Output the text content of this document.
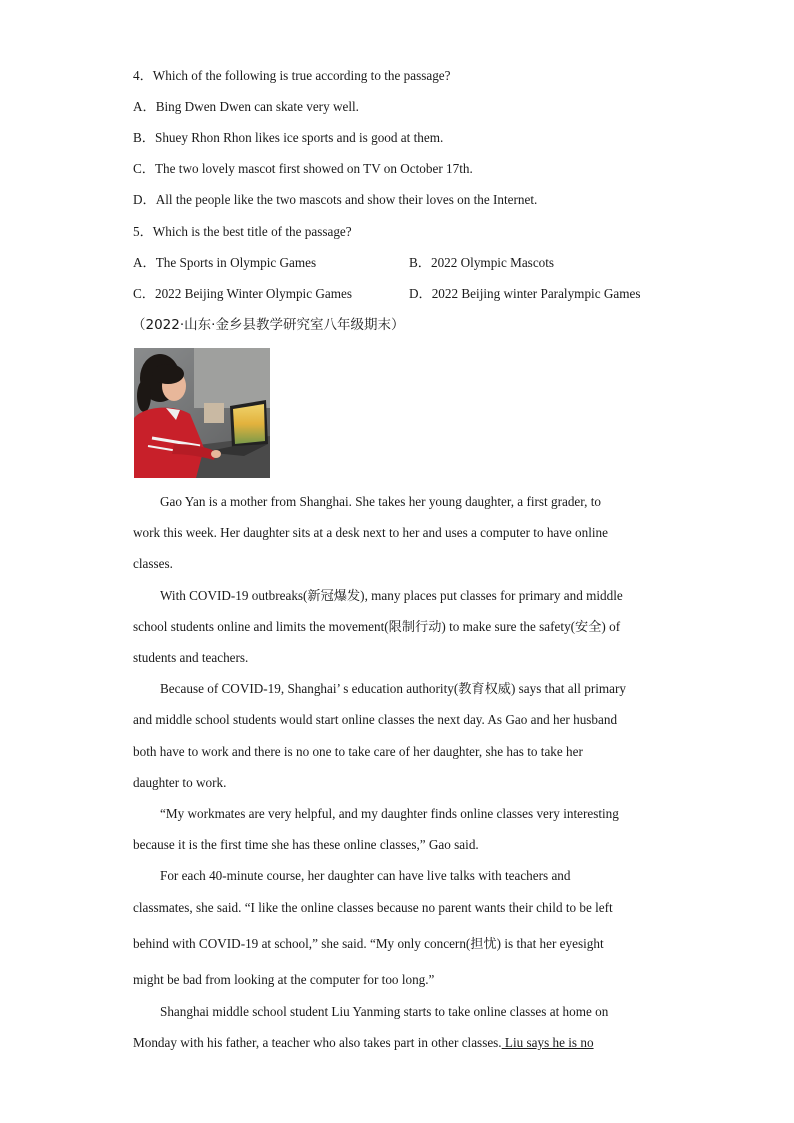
4．Which of the following is true according to the passage?
A．Bing Dwen Dwen can skate very well.
B．Shuey Rhon Rhon likes ice sports and is good at them.
C．The two lovely mascot first showed on TV on October 17th.
D．All the people like the two mascots and show their loves on the Internet.
5．Which is the best title of the passage?
A．The Sports in Olympic Games	B．2022 Olympic Mascots
C．2022 Beijing Winter Olympic Games	D．2022 Beijing winter Paralympic Games
（2022·山东·金乡县教学研究室八年级期末）
Gao Yan is a mother from Shanghai. She takes her young daughter, a first grader, to
work this week. Her daughter sits at a desk next to her and uses a computer to have online
classes.
With COVID-19 outbreaks(新冠爆发), many places put classes for primary and middle
school students online and limits the movement(限制行动) to make sure the safety(安全) of
students and teachers.
Because of COVID-19, Shanghai’ s education authority(教育权威) says that all primary
and middle school students would start online classes the next day. As Gao and her husband
both have to work and there is no one to take care of her daughter, she has to take her
daughter to work.
“My workmates are very helpful, and my daughter finds online classes very interesting
because it is the first time she has these online classes,” Gao said.
For each 40-minute course, her daughter can have live talks with teachers and
classmates, she said. “I like the online classes because no parent wants their child to be left
behind with COVID-19 at school,” she said. “My only concern(担忧) is that her eyesight
might be bad from looking at the computer for too long.”
Shanghai middle school student Liu Yanming starts to take online classes at home on
Monday with his father, a teacher who also takes part in other classes. Liu says he is no
